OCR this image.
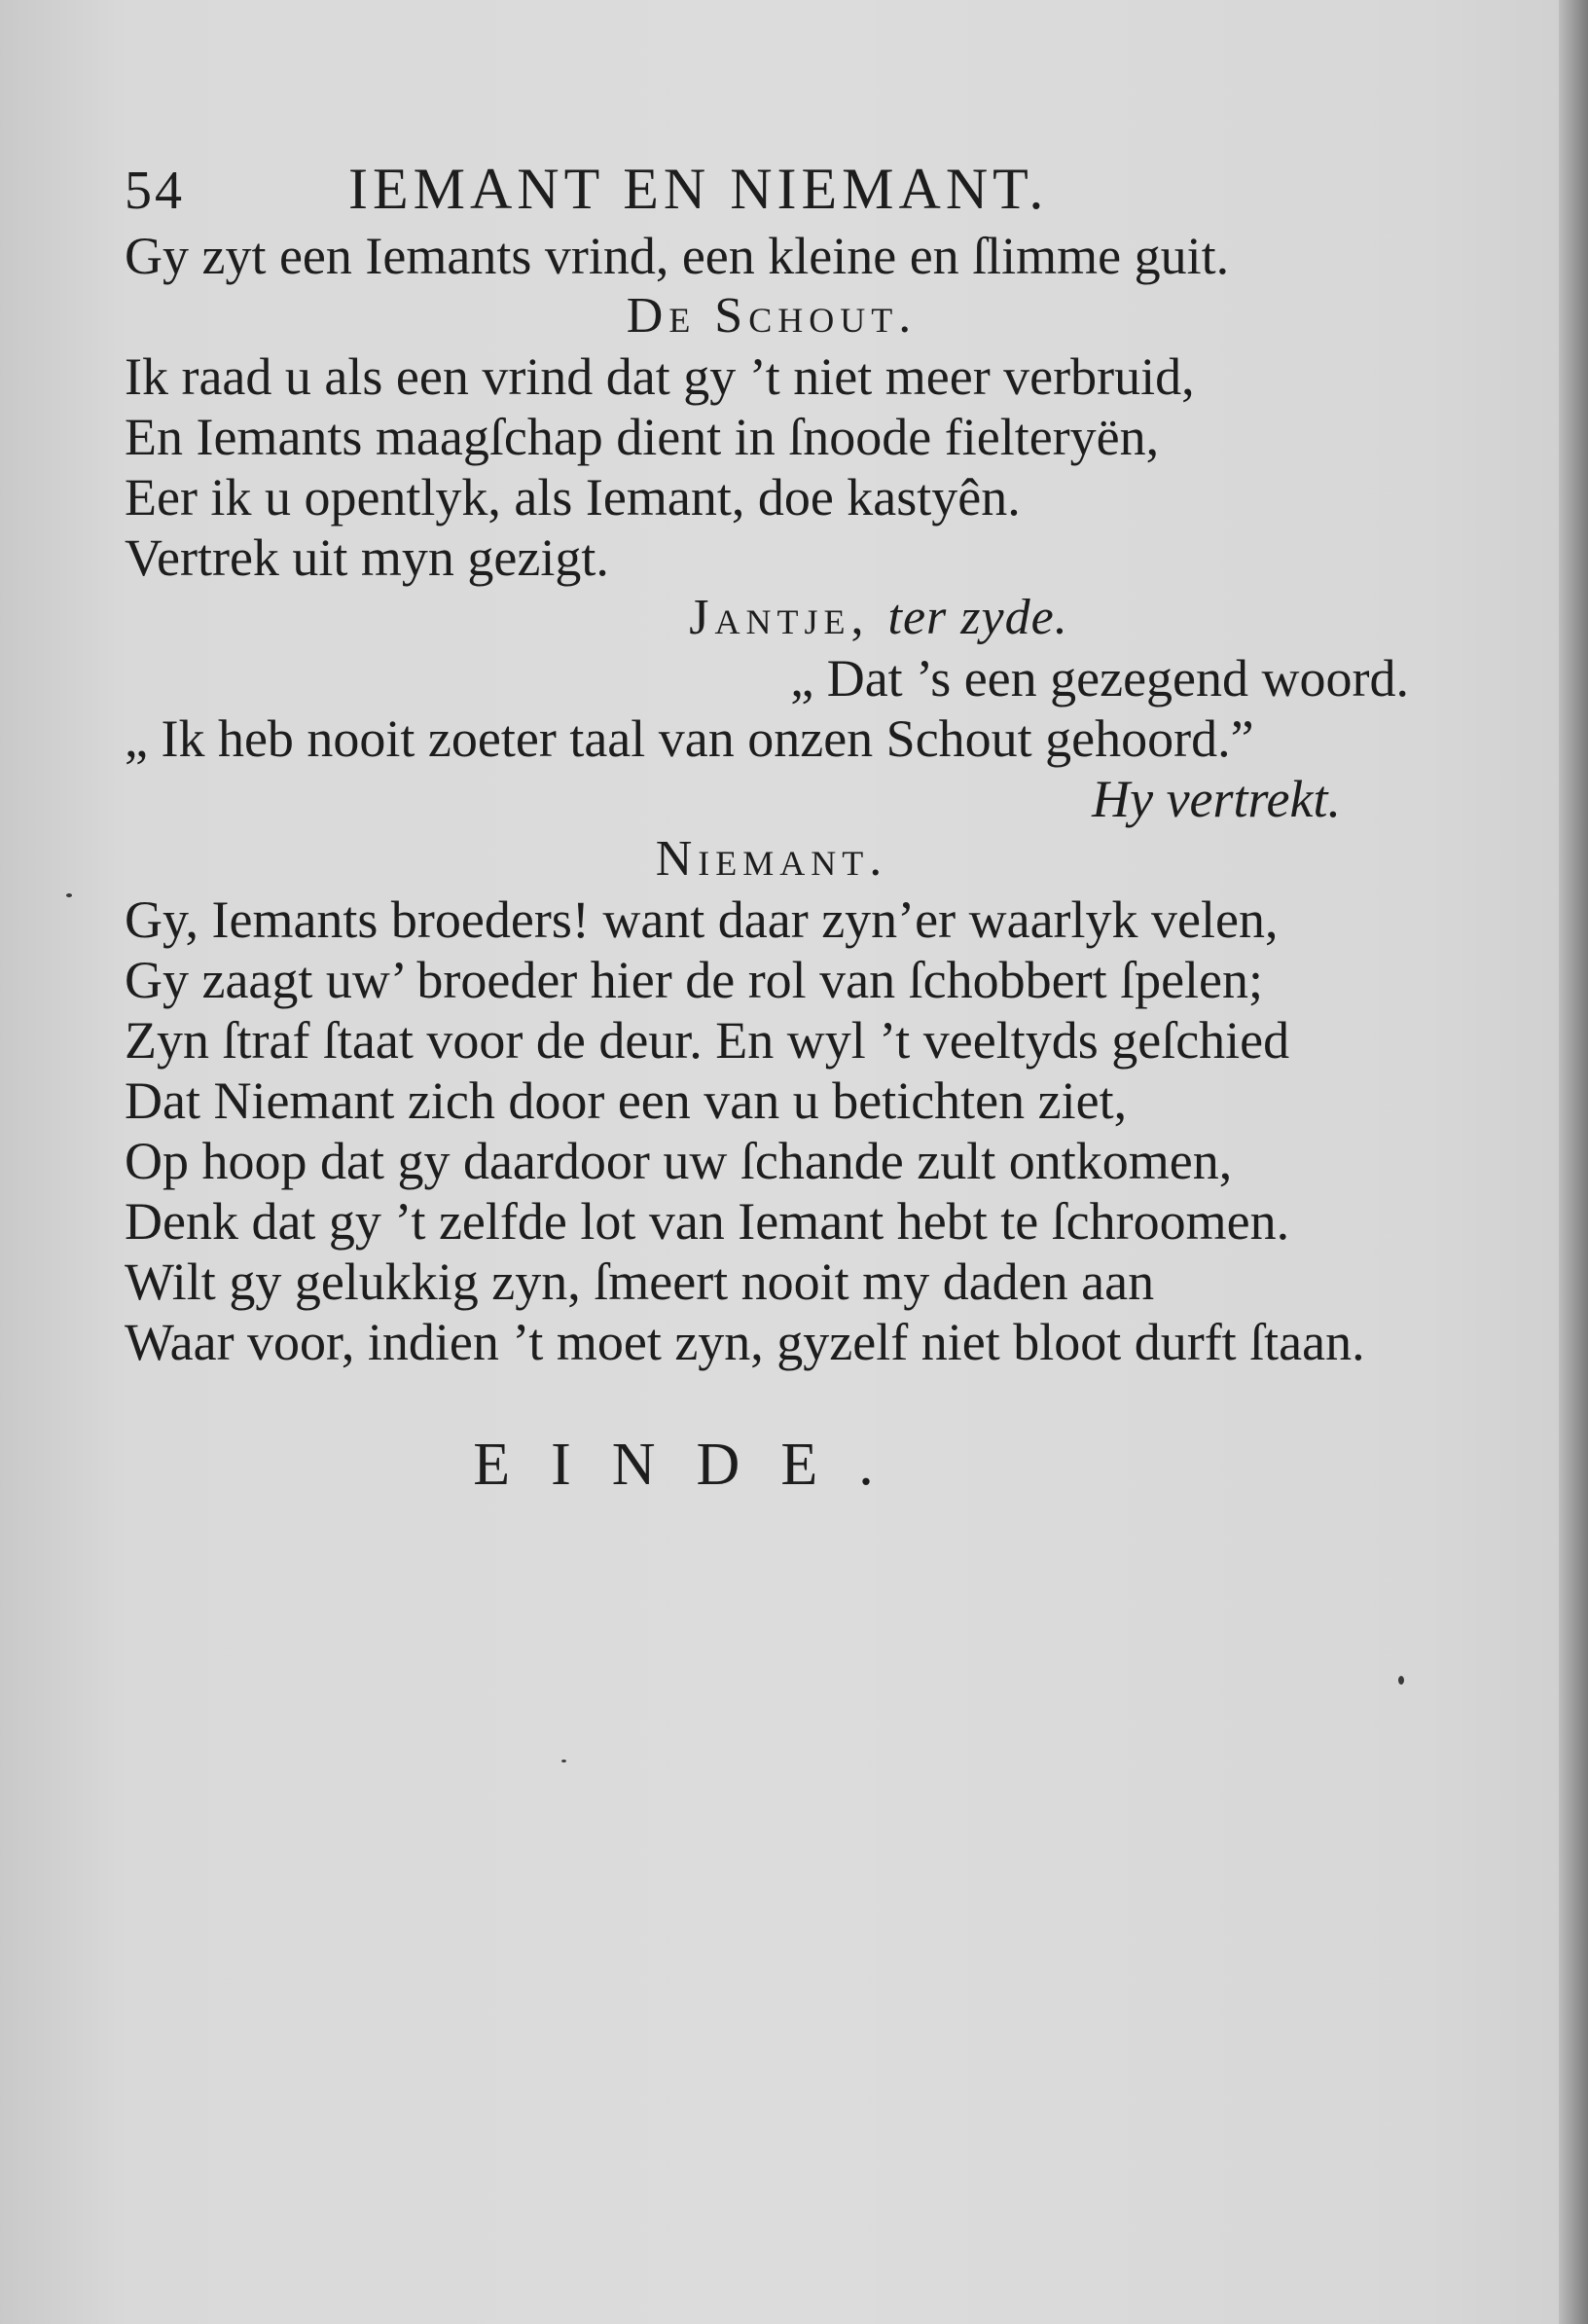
54	IEMANT EN NIEMANT.
Gy zyt een Iemants vrind, een kleine en ſlimme guit.
De Schout.
Ik raad u als een vrind dat gy ’t niet meer verbruid,
En Iemants maagſchap dient in ſnoode fielteryën,
Eer ik u opentlyk, als Iemant, doe kastyên.
Vertrek uit myn gezigt.
Jantje, ter zyde.
„ Dat ’s een gezegend woord.
„ Ik heb nooit zoeter taal van onzen Schout gehoord.”
Hy vertrekt.
Niemant.
Gy, Iemants broeders! want daar zyn’er waarlyk velen,
Gy zaagt uw’ broeder hier de rol van ſchobbert ſpelen;
Zyn ſtraf ſtaat voor de deur. En wyl ’t veeltyds geſchied
Dat Niemant zich door een van u betichten ziet,
Op hoop dat gy daardoor uw ſchande zult ontkomen,
Denk dat gy ’t zelfde lot van Iemant hebt te ſchroomen.
Wilt gy gelukkig zyn, ſmeert nooit my daden aan
Waar voor, indien ’t moet zyn, gyzelf niet bloot durft ſtaan.
EINDE.
